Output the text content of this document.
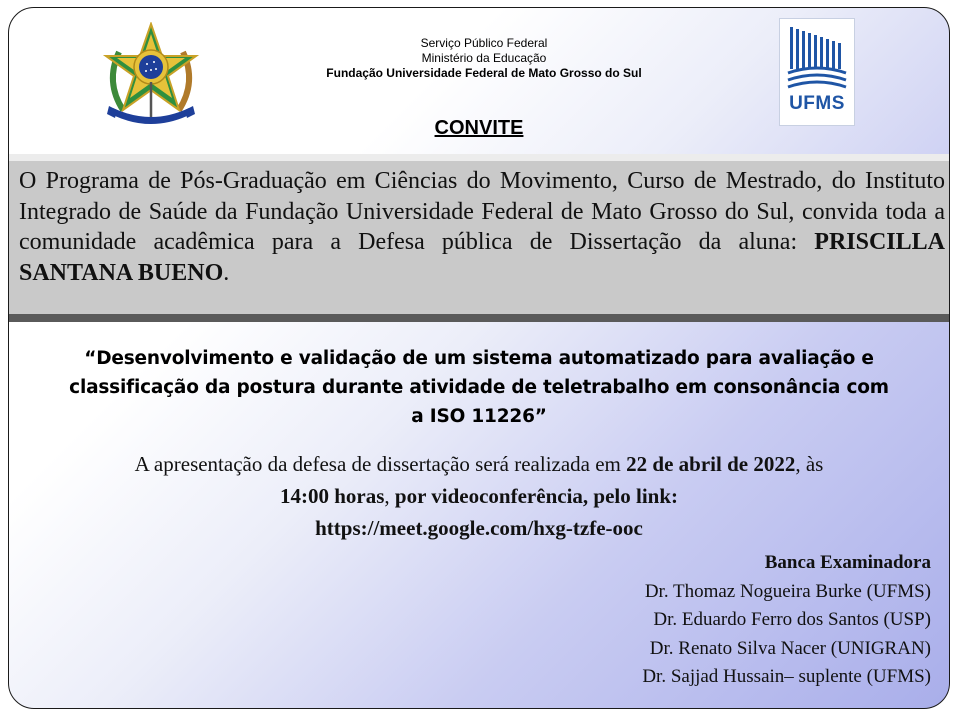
Serviço Público Federal
Ministério da Educação
Fundação Universidade Federal de Mato Grosso do Sul
UFMS
CONVITE
O Programa de Pós-Graduação em Ciências do Movimento, Curso de Mestrado, do Instituto Integrado de Saúde da Fundação Universidade Federal de Mato Grosso do Sul, convida toda a comunidade acadêmica para a Defesa pública de Dissertação da aluna: PRISCILLA SANTANA BUENO.
“Desenvolvimento e validação de um sistema automatizado para avaliação e
classificação da postura durante atividade de teletrabalho em consonância com
a ISO 11226”
A apresentação da defesa de dissertação será realizada em 22 de abril de 2022, às
14:00 horas, por videoconferência, pelo link:
https://meet.google.com/hxg-tzfe-ooc
Banca Examinadora
Dr. Thomaz Nogueira Burke (UFMS)
Dr. Eduardo Ferro dos Santos (USP)
Dr. Renato Silva Nacer (UNIGRAN)
Dr. Sajjad Hussain– suplente (UFMS)
